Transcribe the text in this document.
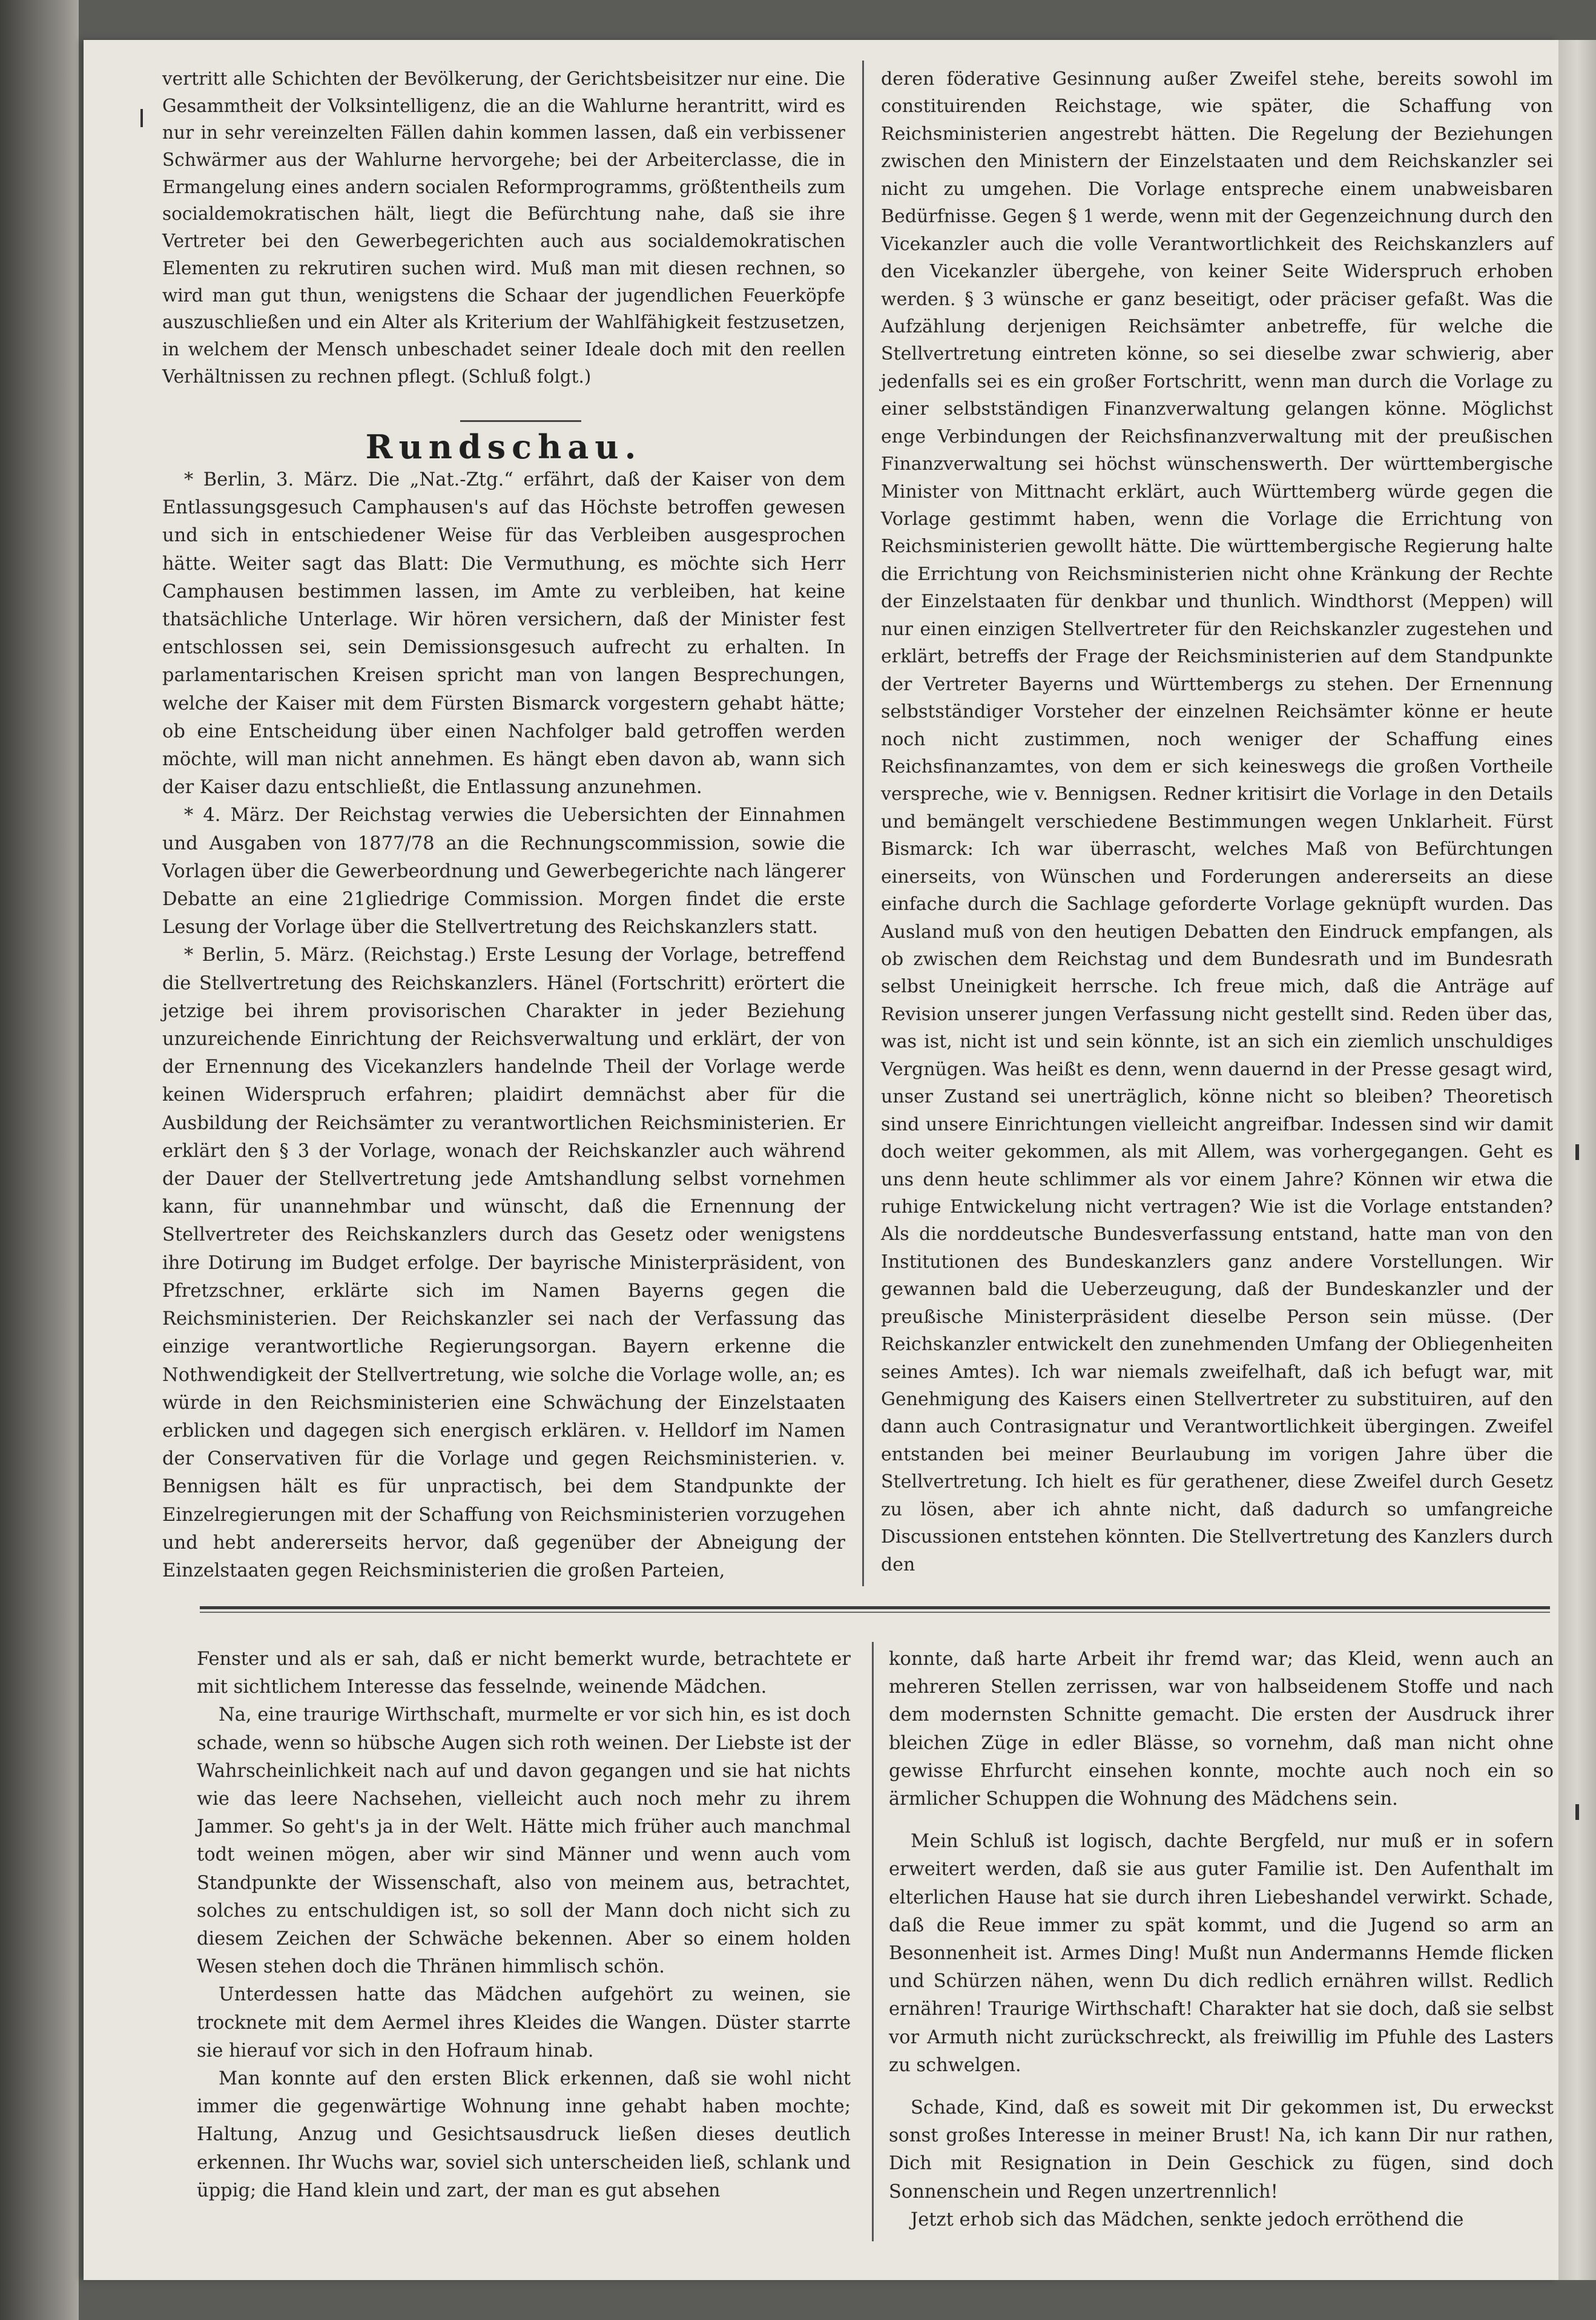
vertritt alle Schichten der Bevölkerung, der Gerichtsbeisitzer nur eine. Die Gesammtheit der Volksintelligenz, die an die Wahlurne herantritt, wird es nur in sehr vereinzelten Fällen dahin kommen lassen, daß ein verbissener Schwärmer aus der Wahlurne hervorgehe; bei der Arbeiterclasse, die in Ermangelung eines andern socialen Reformprogramms, größtentheils zum socialdemokratischen hält, liegt die Befürchtung nahe, daß sie ihre Vertreter bei den Gewerbegerichten auch aus socialdemokratischen Elementen zu rekrutiren suchen wird. Muß man mit diesen rechnen, so wird man gut thun, wenigstens die Schaar der jugendlichen Feuerköpfe auszuschließen und ein Alter als Kriterium der Wahlfähigkeit festzusetzen, in welchem der Mensch unbeschadet seiner Ideale doch mit den reellen Verhältnissen zu rechnen pflegt. (Schluß folgt.)

Rundschau.

* Berlin, 3. März. Die „Nat.-Ztg.“ erfährt, daß der Kaiser von dem Entlassungsgesuch Camphausen's auf das Höchste betroffen gewesen und sich in entschiedener Weise für das Verbleiben ausgesprochen hätte. Weiter sagt das Blatt: Die Vermuthung, es möchte sich Herr Camphausen bestimmen lassen, im Amte zu verbleiben, hat keine thatsächliche Unterlage. Wir hören versichern, daß der Minister fest entschlossen sei, sein Demissionsgesuch aufrecht zu erhalten. In parlamentarischen Kreisen spricht man von langen Besprechungen, welche der Kaiser mit dem Fürsten Bismarck vorgestern gehabt hätte; ob eine Entscheidung über einen Nachfolger bald getroffen werden möchte, will man nicht annehmen. Es hängt eben davon ab, wann sich der Kaiser dazu entschließt, die Entlassung anzunehmen.

* 4. März. Der Reichstag verwies die Uebersichten der Einnahmen und Ausgaben von 1877/78 an die Rechnungscommission, sowie die Vorlagen über die Gewerbeordnung und Gewerbegerichte nach längerer Debatte an eine 21gliedrige Commission. Morgen findet die erste Lesung der Vorlage über die Stellvertretung des Reichskanzlers statt.

* Berlin, 5. März. (Reichstag.) Erste Lesung der Vorlage, betreffend die Stellvertretung des Reichskanzlers. Hänel (Fortschritt) erörtert die jetzige bei ihrem provisorischen Charakter in jeder Beziehung unzureichende Einrichtung der Reichsverwaltung und erklärt, der von der Ernennung des Vicekanzlers handelnde Theil der Vorlage werde keinen Widerspruch erfahren; plaidirt demnächst aber für die Ausbildung der Reichsämter zu verantwortlichen Reichsministerien. Er erklärt den § 3 der Vorlage, wonach der Reichskanzler auch während der Dauer der Stellvertretung jede Amtshandlung selbst vornehmen kann, für unannehmbar und wünscht, daß die Ernennung der Stellvertreter des Reichskanzlers durch das Gesetz oder wenigstens ihre Dotirung im Budget erfolge. Der bayrische Ministerpräsident, von Pfretzschner, erklärte sich im Namen Bayerns gegen die Reichsministerien. Der Reichskanzler sei nach der Verfassung das einzige verantwortliche Regierungsorgan. Bayern erkenne die Nothwendigkeit der Stellvertretung, wie solche die Vorlage wolle, an; es würde in den Reichsministerien eine Schwächung der Einzelstaaten erblicken und dagegen sich energisch erklären. v. Helldorf im Namen der Conservativen für die Vorlage und gegen Reichsministerien. v. Bennigsen hält es für unpractisch, bei dem Standpunkte der Einzelregierungen mit der Schaffung von Reichsministerien vorzugehen und hebt andererseits hervor, daß gegenüber der Abneigung der Einzelstaaten gegen Reichsministerien die großen Parteien,

deren föderative Gesinnung außer Zweifel stehe, bereits sowohl im constituirenden Reichstage, wie später, die Schaffung von Reichsministerien angestrebt hätten. Die Regelung der Beziehungen zwischen den Ministern der Einzelstaaten und dem Reichskanzler sei nicht zu umgehen. Die Vorlage entspreche einem unabweisbaren Bedürfnisse. Gegen § 1 werde, wenn mit der Gegenzeichnung durch den Vicekanzler auch die volle Verantwortlichkeit des Reichskanzlers auf den Vicekanzler übergehe, von keiner Seite Widerspruch erhoben werden. § 3 wünsche er ganz beseitigt, oder präciser gefaßt. Was die Aufzählung derjenigen Reichsämter anbetreffe, für welche die Stellvertretung eintreten könne, so sei dieselbe zwar schwierig, aber jedenfalls sei es ein großer Fortschritt, wenn man durch die Vorlage zu einer selbstständigen Finanzverwaltung gelangen könne. Möglichst enge Verbindungen der Reichsfinanzverwaltung mit der preußischen Finanzverwaltung sei höchst wünschenswerth. Der württembergische Minister von Mittnacht erklärt, auch Württemberg würde gegen die Vorlage gestimmt haben, wenn die Vorlage die Errichtung von Reichsministerien gewollt hätte. Die württembergische Regierung halte die Errichtung von Reichsministerien nicht ohne Kränkung der Rechte der Einzelstaaten für denkbar und thunlich. Windthorst (Meppen) will nur einen einzigen Stellvertreter für den Reichskanzler zugestehen und erklärt, betreffs der Frage der Reichsministerien auf dem Standpunkte der Vertreter Bayerns und Württembergs zu stehen. Der Ernennung selbstständiger Vorsteher der einzelnen Reichsämter könne er heute noch nicht zustimmen, noch weniger der Schaffung eines Reichsfinanzamtes, von dem er sich keineswegs die großen Vortheile verspreche, wie v. Bennigsen. Redner kritisirt die Vorlage in den Details und bemängelt verschiedene Bestimmungen wegen Unklarheit. Fürst Bismarck: Ich war überrascht, welches Maß von Befürchtungen einerseits, von Wünschen und Forderungen andererseits an diese einfache durch die Sachlage geforderte Vorlage geknüpft wurden. Das Ausland muß von den heutigen Debatten den Eindruck empfangen, als ob zwischen dem Reichstag und dem Bundesrath und im Bundesrath selbst Uneinigkeit herrsche. Ich freue mich, daß die Anträge auf Revision unserer jungen Verfassung nicht gestellt sind. Reden über das, was ist, nicht ist und sein könnte, ist an sich ein ziemlich unschuldiges Vergnügen. Was heißt es denn, wenn dauernd in der Presse gesagt wird, unser Zustand sei unerträglich, könne nicht so bleiben? Theoretisch sind unsere Einrichtungen vielleicht angreifbar. Indessen sind wir damit doch weiter gekommen, als mit Allem, was vorhergegangen. Geht es uns denn heute schlimmer als vor einem Jahre? Können wir etwa die ruhige Entwickelung nicht vertragen? Wie ist die Vorlage entstanden? Als die norddeutsche Bundesverfassung entstand, hatte man von den Institutionen des Bundeskanzlers ganz andere Vorstellungen. Wir gewannen bald die Ueberzeugung, daß der Bundeskanzler und der preußische Ministerpräsident dieselbe Person sein müsse. (Der Reichskanzler entwickelt den zunehmenden Umfang der Obliegenheiten seines Amtes). Ich war niemals zweifelhaft, daß ich befugt war, mit Genehmigung des Kaisers einen Stellvertreter zu substituiren, auf den dann auch Contrasignatur und Verantwortlichkeit übergingen. Zweifel entstanden bei meiner Beurlaubung im vorigen Jahre über die Stellvertretung. Ich hielt es für gerathener, diese Zweifel durch Gesetz zu lösen, aber ich ahnte nicht, daß dadurch so umfangreiche Discussionen entstehen könnten. Die Stellvertretung des Kanzlers durch den

Fenster und als er sah, daß er nicht bemerkt wurde, betrachtete er mit sichtlichem Interesse das fesselnde, weinende Mädchen.

Na, eine traurige Wirthschaft, murmelte er vor sich hin, es ist doch schade, wenn so hübsche Augen sich roth weinen. Der Liebste ist der Wahrscheinlichkeit nach auf und davon gegangen und sie hat nichts wie das leere Nachsehen, vielleicht auch noch mehr zu ihrem Jammer. So geht's ja in der Welt. Hätte mich früher auch manchmal todt weinen mögen, aber wir sind Männer und wenn auch vom Standpunkte der Wissenschaft, also von meinem aus, betrachtet, solches zu entschuldigen ist, so soll der Mann doch nicht sich zu diesem Zeichen der Schwäche bekennen. Aber so einem holden Wesen stehen doch die Thränen himmlisch schön.

Unterdessen hatte das Mädchen aufgehört zu weinen, sie trocknete mit dem Aermel ihres Kleides die Wangen. Düster starrte sie hierauf vor sich in den Hofraum hinab.

Man konnte auf den ersten Blick erkennen, daß sie wohl nicht immer die gegenwärtige Wohnung inne gehabt haben mochte; Haltung, Anzug und Gesichtsausdruck ließen dieses deutlich erkennen. Ihr Wuchs war, soviel sich unterscheiden ließ, schlank und üppig; die Hand klein und zart, der man es gut absehen

konnte, daß harte Arbeit ihr fremd war; das Kleid, wenn auch an mehreren Stellen zerrissen, war von halbseidenem Stoffe und nach dem modernsten Schnitte gemacht. Die ersten der Ausdruck ihrer bleichen Züge in edler Blässe, so vornehm, daß man nicht ohne gewisse Ehrfurcht einsehen konnte, mochte auch noch ein so ärmlicher Schuppen die Wohnung des Mädchens sein.

Mein Schluß ist logisch, dachte Bergfeld, nur muß er in sofern erweitert werden, daß sie aus guter Familie ist. Den Aufenthalt im elterlichen Hause hat sie durch ihren Liebeshandel verwirkt. Schade, daß die Reue immer zu spät kommt, und die Jugend so arm an Besonnenheit ist. Armes Ding! Mußt nun Andermanns Hemde flicken und Schürzen nähen, wenn Du dich redlich ernähren willst. Redlich ernähren! Traurige Wirthschaft! Charakter hat sie doch, daß sie selbst vor Armuth nicht zurückschreckt, als freiwillig im Pfuhle des Lasters zu schwelgen.

Schade, Kind, daß es soweit mit Dir gekommen ist, Du erweckst sonst großes Interesse in meiner Brust! Na, ich kann Dir nur rathen, Dich mit Resignation in Dein Geschick zu fügen, sind doch Sonnenschein und Regen unzertrennlich!

Jetzt erhob sich das Mädchen, senkte jedoch erröthend die
